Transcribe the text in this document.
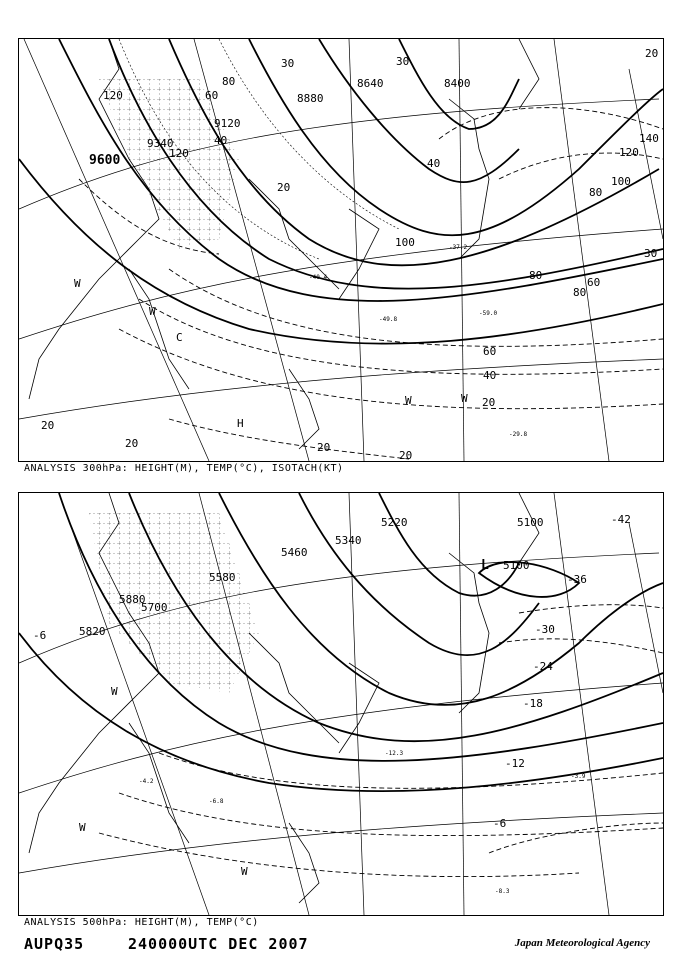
9600
9340
9120
8880
8640	8400
120
120
100
80
80
80
60
60
40
40
40
20
20
20
20	20
140
120
100
80
60
30
30	30
20
20
W
W
W	W
C
H
-29.8
-59.0
-49.8
-40.4
-37.2
ANALYSIS 300hPa: HEIGHT(M), TEMP(°C), ISOTACH(KT)
5880
5820
5700
5580
5460
5340
5220
5100
5100
-6
-6
-12
-18
-24
-30
-36
-42
L
W
W
W
-12.3
-4.2
-3.9
-6.8
-8.3
ANALYSIS 500hPa: HEIGHT(M), TEMP(°C)
AUPQ35	240000UTC DEC 2007	Japan Meteorological Agency
